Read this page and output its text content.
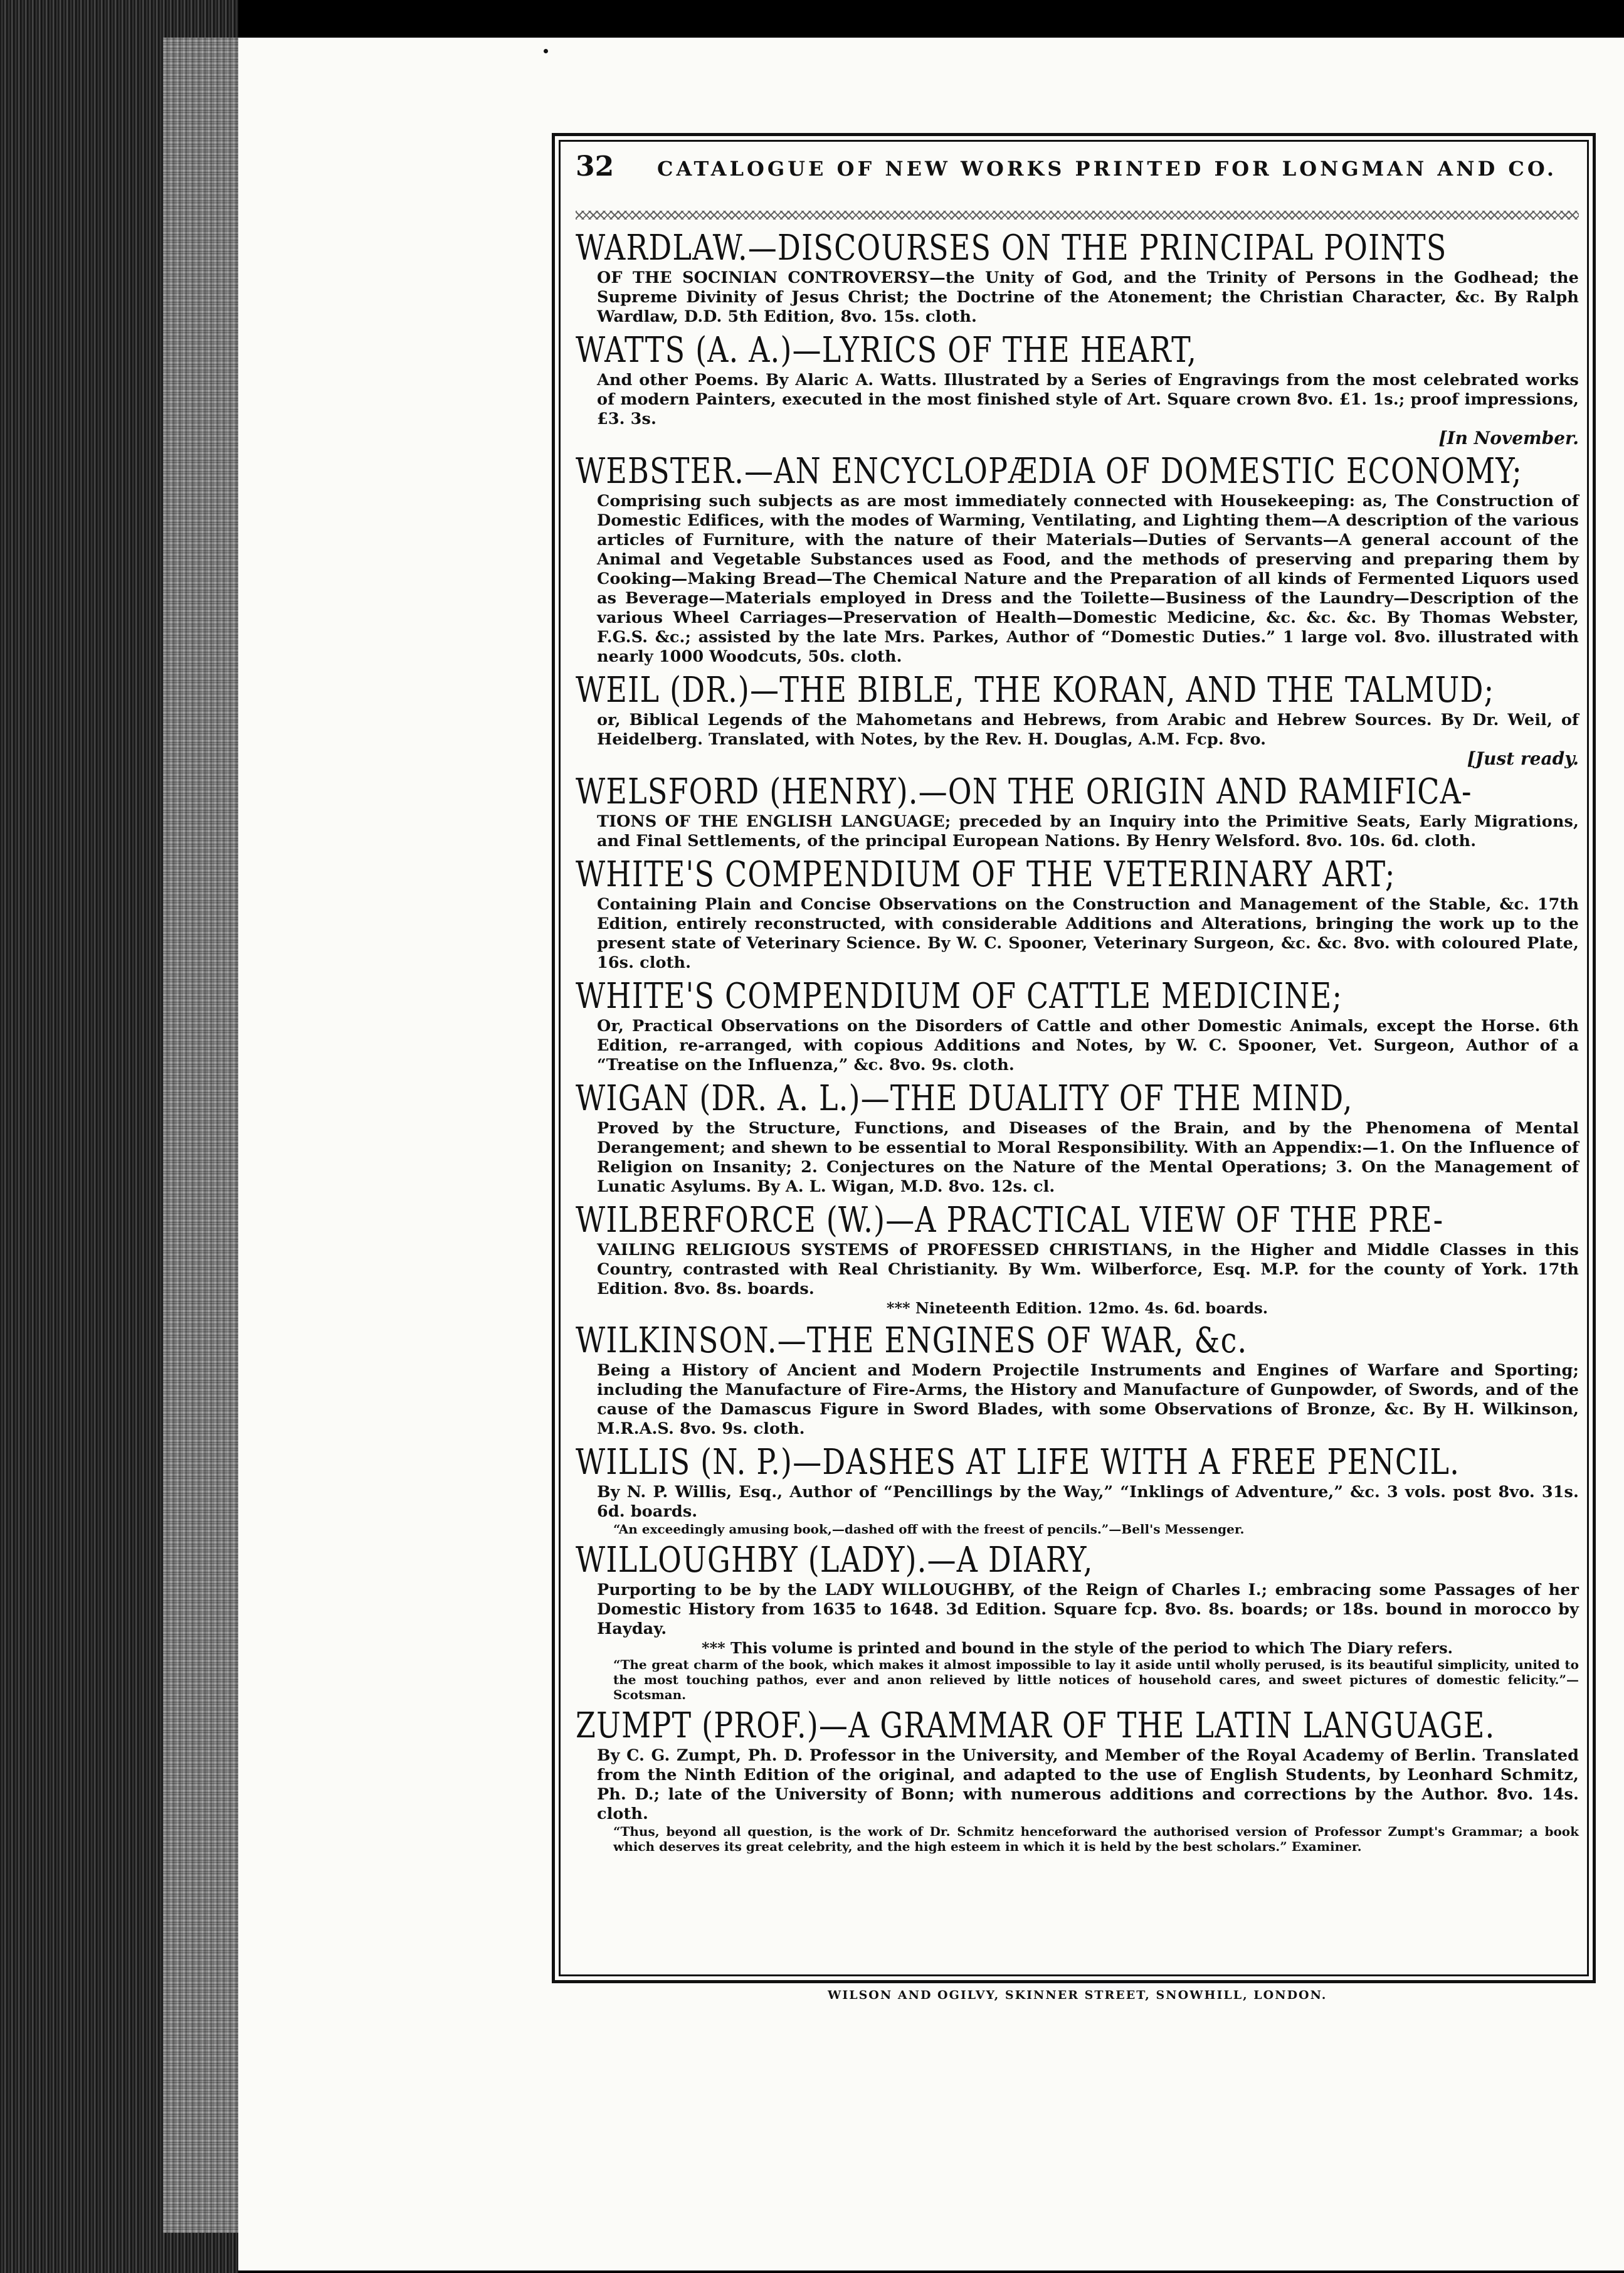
32	CATALOGUE OF NEW WORKS PRINTED FOR LONGMAN AND CO.
WARDLAW.—DISCOURSES ON THE PRINCIPAL POINTS
OF THE SOCINIAN CONTROVERSY—the Unity of God, and the Trinity of Persons in the Godhead; the Supreme Divinity of Jesus Christ; the Doctrine of the Atonement; the Christian Character, &c. By Ralph Wardlaw, D.D. 5th Edition, 8vo. 15s. cloth.
WATTS (A. A.)—LYRICS OF THE HEART,
And other Poems. By Alaric A. Watts. Illustrated by a Series of Engravings from the most celebrated works of modern Painters, executed in the most finished style of Art. Square crown 8vo. £1. 1s.; proof impressions, £3. 3s.
[In November.
WEBSTER.—AN ENCYCLOPÆDIA OF DOMESTIC ECONOMY;
Comprising such subjects as are most immediately connected with Housekeeping: as, The Construction of Domestic Edifices, with the modes of Warming, Ventilating, and Lighting them—A description of the various articles of Furniture, with the nature of their Materials—Duties of Servants—A general account of the Animal and Vegetable Substances used as Food, and the methods of preserving and preparing them by Cooking—Making Bread—The Chemical Nature and the Preparation of all kinds of Fermented Liquors used as Beverage—Materials employed in Dress and the Toilette—Business of the Laundry—Description of the various Wheel Carriages—Preservation of Health—Domestic Medicine, &c. &c. &c. By Thomas Webster, F.G.S. &c.; assisted by the late Mrs. Parkes, Author of “Domestic Duties.” 1 large vol. 8vo. illustrated with nearly 1000 Woodcuts, 50s. cloth.
WEIL (DR.)—THE BIBLE, THE KORAN, AND THE TALMUD;
or, Biblical Legends of the Mahometans and Hebrews, from Arabic and Hebrew Sources. By Dr. Weil, of Heidelberg. Translated, with Notes, by the Rev. H. Douglas, A.M. Fcp. 8vo.
[Just ready.
WELSFORD (HENRY).—ON THE ORIGIN AND RAMIFICA-
TIONS OF THE ENGLISH LANGUAGE; preceded by an Inquiry into the Primitive Seats, Early Migrations, and Final Settlements, of the principal European Nations. By Henry Welsford. 8vo. 10s. 6d. cloth.
WHITE'S COMPENDIUM OF THE VETERINARY ART;
Containing Plain and Concise Observations on the Construction and Management of the Stable, &c. 17th Edition, entirely reconstructed, with considerable Additions and Alterations, bringing the work up to the present state of Veterinary Science. By W. C. Spooner, Veterinary Surgeon, &c. &c. 8vo. with coloured Plate, 16s. cloth.
WHITE'S COMPENDIUM OF CATTLE MEDICINE;
Or, Practical Observations on the Disorders of Cattle and other Domestic Animals, except the Horse. 6th Edition, re-arranged, with copious Additions and Notes, by W. C. Spooner, Vet. Surgeon, Author of a “Treatise on the Influenza,” &c. 8vo. 9s. cloth.
WIGAN (DR. A. L.)—THE DUALITY OF THE MIND,
Proved by the Structure, Functions, and Diseases of the Brain, and by the Phenomena of Mental Derangement; and shewn to be essential to Moral Responsibility. With an Appendix:—1. On the Influence of Religion on Insanity; 2. Conjectures on the Nature of the Mental Operations; 3. On the Management of Lunatic Asylums. By A. L. Wigan, M.D. 8vo. 12s. cl.
WILBERFORCE (W.)—A PRACTICAL VIEW OF THE PRE-
VAILING RELIGIOUS SYSTEMS of PROFESSED CHRISTIANS, in the Higher and Middle Classes in this Country, contrasted with Real Christianity. By Wm. Wilberforce, Esq. M.P. for the county of York. 17th Edition. 8vo. 8s. boards.
*** Nineteenth Edition. 12mo. 4s. 6d. boards.
WILKINSON.—THE ENGINES OF WAR, &c.
Being a History of Ancient and Modern Projectile Instruments and Engines of Warfare and Sporting; including the Manufacture of Fire-Arms, the History and Manufacture of Gunpowder, of Swords, and of the cause of the Damascus Figure in Sword Blades, with some Observations of Bronze, &c. By H. Wilkinson, M.R.A.S. 8vo. 9s. cloth.
WILLIS (N. P.)—DASHES AT LIFE WITH A FREE PENCIL.
By N. P. Willis, Esq., Author of “Pencillings by the Way,” “Inklings of Adventure,” &c. 3 vols. post 8vo. 31s. 6d. boards.
“An exceedingly amusing book,—dashed off with the freest of pencils.”—Bell's Messenger.
WILLOUGHBY (LADY).—A DIARY,
Purporting to be by the LADY WILLOUGHBY, of the Reign of Charles I.; embracing some Passages of her Domestic History from 1635 to 1648. 3d Edition. Square fcp. 8vo. 8s. boards; or 18s. bound in morocco by Hayday.
*** This volume is printed and bound in the style of the period to which The Diary refers.
“The great charm of the book, which makes it almost impossible to lay it aside until wholly perused, is its beautiful simplicity, united to the most touching pathos, ever and anon relieved by little notices of household cares, and sweet pictures of domestic felicity.”—Scotsman.
ZUMPT (PROF.)—A GRAMMAR OF THE LATIN LANGUAGE.
By C. G. Zumpt, Ph. D. Professor in the University, and Member of the Royal Academy of Berlin. Translated from the Ninth Edition of the original, and adapted to the use of English Students, by Leonhard Schmitz, Ph. D.; late of the University of Bonn; with numerous additions and corrections by the Author. 8vo. 14s. cloth.
“Thus, beyond all question, is the work of Dr. Schmitz henceforward the authorised version of Professor Zumpt's Grammar; a book which deserves its great celebrity, and the high esteem in which it is held by the best scholars.” Examiner.
WILSON AND OGILVY, SKINNER STREET, SNOWHILL, LONDON.
